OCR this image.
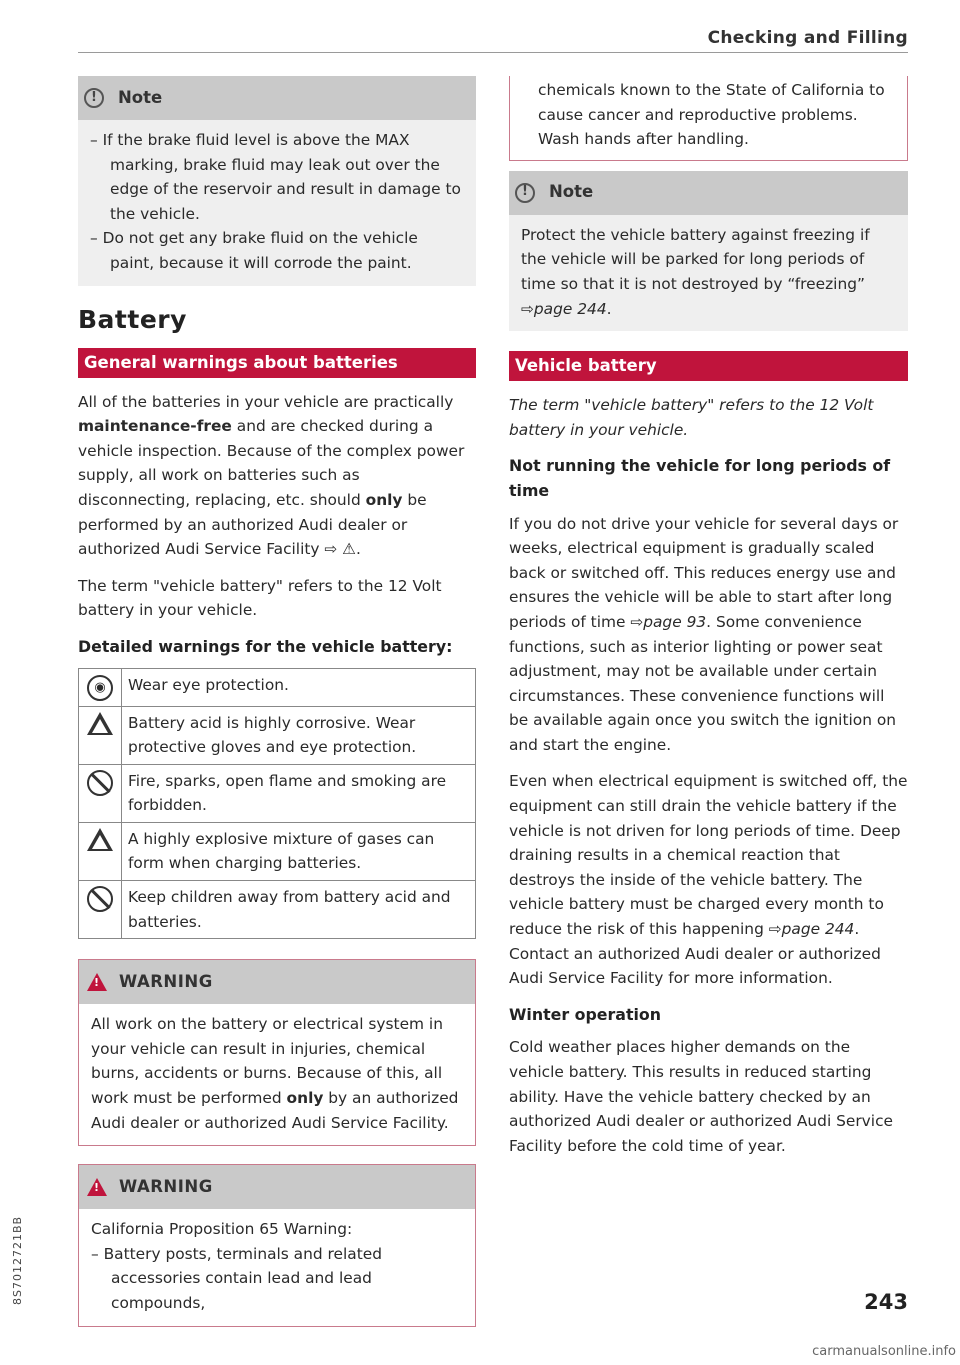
Checking and Filling
!	Note
– If the brake fluid level is above the MAX marking, brake fluid may leak out over the edge of the reservoir and result in damage to the vehicle.
– Do not get any brake fluid on the vehicle paint, because it will corrode the paint.
Battery
General warnings about batteries

All of the batteries in your vehicle are practically maintenance-free and are checked during a vehicle inspection. Because of the complex power supply, all work on batteries such as disconnecting, replacing, etc. should only be performed by an authorized Audi dealer or authorized Audi Service Facility ⇨ ⚠.

The term "vehicle battery" refers to the 12 Volt battery in your vehicle.

Detailed warnings for the vehicle battery:
◉	Wear eye protection.
	Battery acid is highly corrosive. Wear protective gloves and eye protection.
	Fire, sparks, open flame and smoking are forbidden.
	A highly explosive mixture of gases can form when charging batteries.
	Keep children away from battery acid and batteries.
!
WARNING
All work on the battery or electrical system in your vehicle can result in injuries, chemical burns, accidents or burns. Because of this, all work must be performed only by an authorized Audi dealer or authorized Audi Service Facility.
!
WARNING
California Proposition 65 Warning:
– Battery posts, terminals and related accessories contain lead and lead compounds,
chemicals known to the State of California to cause cancer and reproductive problems. Wash hands after handling.
!	Note
Protect the vehicle battery against freezing if the vehicle will be parked for long periods of time so that it is not destroyed by “freezing” ⇨page 244.
Vehicle battery

The term "vehicle battery" refers to the 12 Volt battery in your vehicle.

Not running the vehicle for long periods of time

If you do not drive your vehicle for several days or weeks, electrical equipment is gradually scaled back or switched off. This reduces energy use and ensures the vehicle will be able to start after long periods of time ⇨page 93. Some convenience functions, such as interior lighting or power seat adjustment, may not be available under certain circumstances. These convenience functions will be available again once you switch the ignition on and start the engine.

Even when electrical equipment is switched off, the equipment can still drain the vehicle battery if the vehicle is not driven for long periods of time. Deep draining results in a chemical reaction that destroys the inside of the vehicle battery. The vehicle battery must be charged every month to reduce the risk of this happening ⇨page 244. Contact an authorized Audi dealer or authorized Audi Service Facility for more information.

Winter operation

Cold weather places higher demands on the vehicle battery. This results in reduced starting ability. Have the vehicle battery checked by an authorized Audi dealer or authorized Audi Service Facility before the cold time of year.

8S7012721BB	243
carmanualsonline.info
